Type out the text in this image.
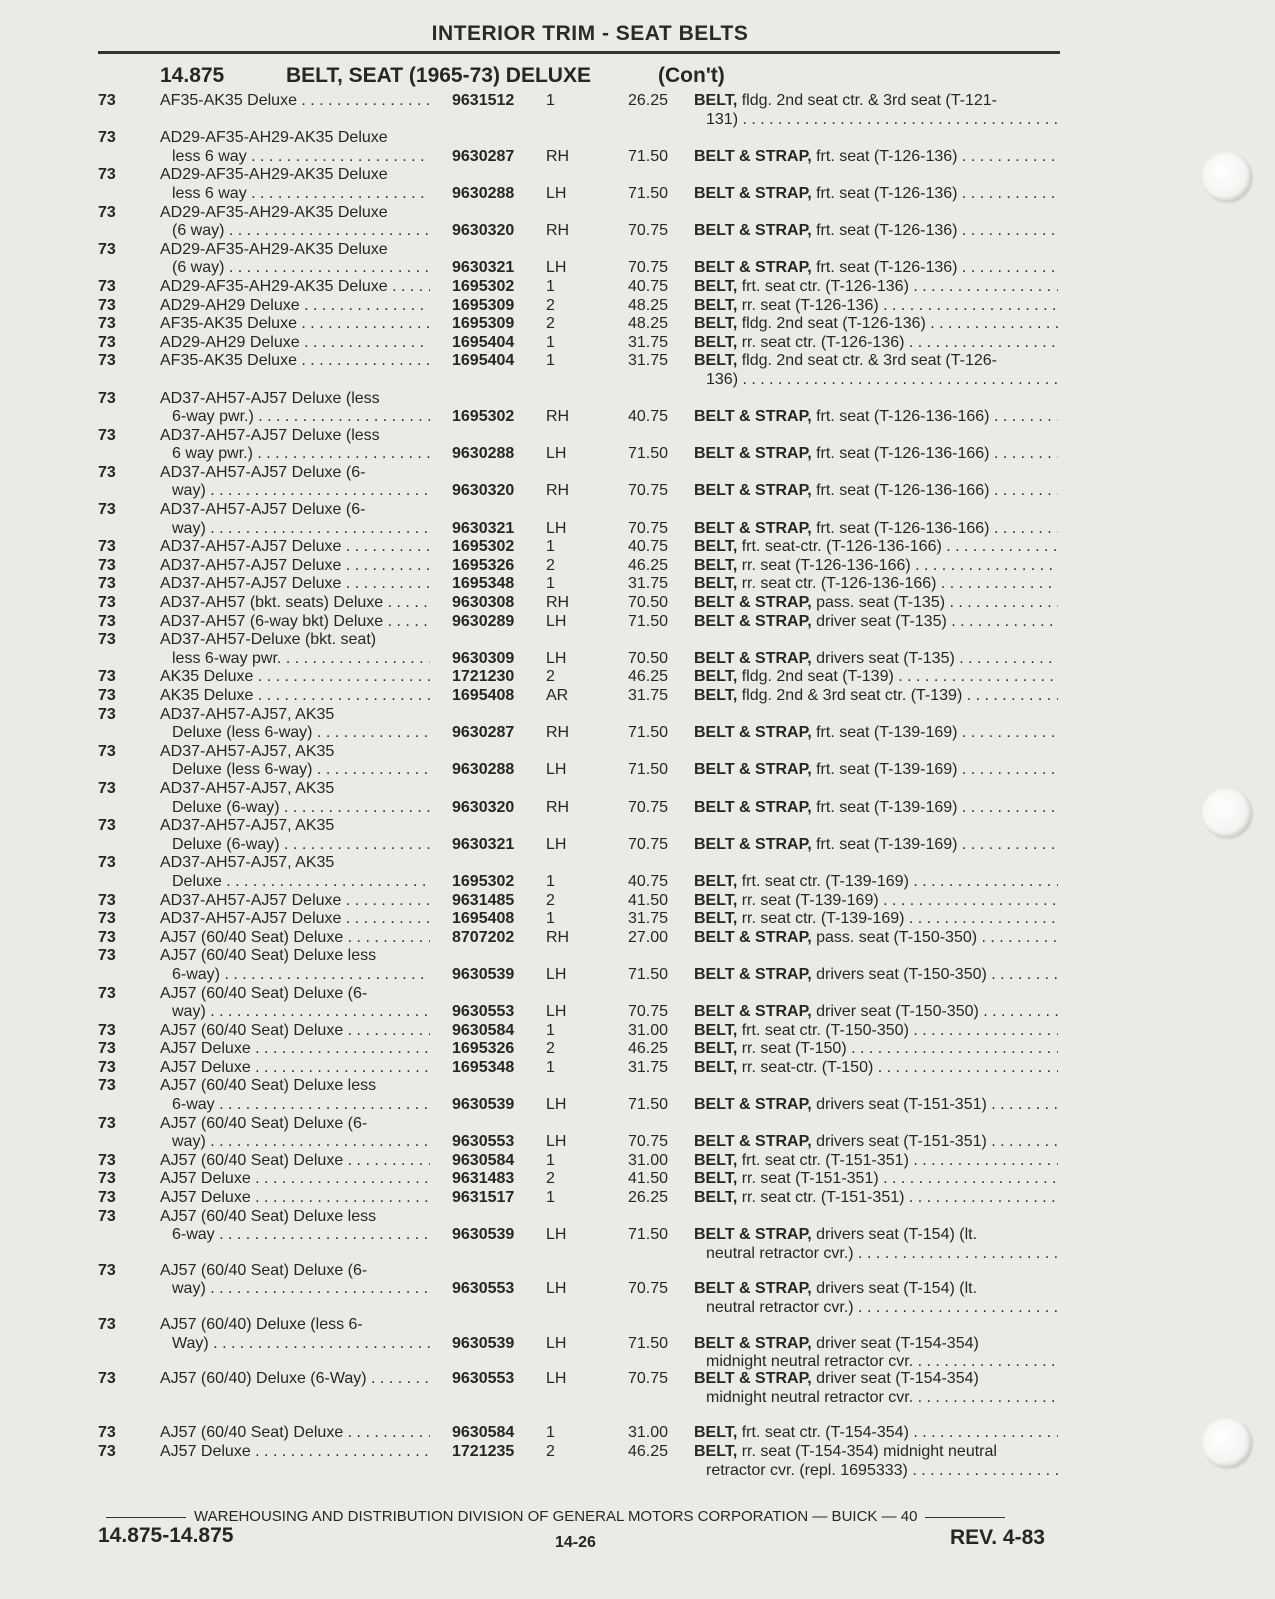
INTERIOR TRIM - SEAT BELTS
14.875	BELT, SEAT (1965-73) DELUXE	(Con't)
73	AF35-AK35 Deluxe . . .	9631512	1	26.25 BELT, fldg. 2nd seat ctr. & 3rd seat (T-121-
131) . . .
73	AD29-AF35-AH29-AK35 Deluxe
less 6 way . . .	9630287	RH	71.50 BELT & STRAP, frt. seat (T-126-136) . . .
73	AD29-AF35-AH29-AK35 Deluxe
less 6 way . . .	9630288	LH	71.50 BELT & STRAP, frt. seat (T-126-136) . . .
73	AD29-AF35-AH29-AK35 Deluxe
(6 way) . . .	9630320	RH	70.75 BELT & STRAP, frt. seat (T-126-136) . . .
73	AD29-AF35-AH29-AK35 Deluxe
(6 way) . . .	9630321	LH	70.75 BELT & STRAP, frt. seat (T-126-136) . . .
73	AD29-AF35-AH29-AK35 Deluxe . . .	1695302	1	40.75 BELT, frt. seat ctr. (T-126-136) . . .
73	AD29-AH29 Deluxe . . .	1695309	2	48.25 BELT, rr. seat (T-126-136) . . .
73	AF35-AK35 Deluxe . . .	1695309	2	48.25 BELT, fldg. 2nd seat (T-126-136) . . .
73	AD29-AH29 Deluxe . . .	1695404	1	31.75 BELT, rr. seat ctr. (T-126-136) . . .
73	AF35-AK35 Deluxe . . .	1695404	1	31.75 BELT, fldg. 2nd seat ctr. & 3rd seat (T-126-
136) . . .
73	AD37-AH57-AJ57 Deluxe (less
6-way pwr.) . . .	1695302	RH	40.75 BELT & STRAP, frt. seat (T-126-136-166) . . .
73	AD37-AH57-AJ57 Deluxe (less
6 way pwr.) . . .	9630288	LH	71.50 BELT & STRAP, frt. seat (T-126-136-166) . . .
73	AD37-AH57-AJ57 Deluxe (6-
way) . . .	9630320	RH	70.75 BELT & STRAP, frt. seat (T-126-136-166) . . .
73	AD37-AH57-AJ57 Deluxe (6-
way) . . .	9630321	LH	70.75 BELT & STRAP, frt. seat (T-126-136-166) . . .
73	AD37-AH57-AJ57 Deluxe . . .	1695302	1	40.75 BELT, frt. seat-ctr. (T-126-136-166) . . .
73	AD37-AH57-AJ57 Deluxe . . .	1695326	2	46.25 BELT, rr. seat (T-126-136-166) . . .
73	AD37-AH57-AJ57 Deluxe . . .	1695348	1	31.75 BELT, rr. seat ctr. (T-126-136-166) . . .
73	AD37-AH57 (bkt. seats) Deluxe . . .	9630308	RH	70.50 BELT & STRAP, pass. seat (T-135) . . .
73	AD37-AH57 (6-way bkt) Deluxe . . .	9630289	LH	71.50 BELT & STRAP, driver seat (T-135) . . .
73	AD37-AH57-Deluxe (bkt. seat)
less 6-way pwr. . . .	9630309	LH	70.50 BELT & STRAP, drivers seat (T-135) . . .
73	AK35 Deluxe . . .	1721230	2	46.25 BELT, fldg. 2nd seat (T-139) . . .
73	AK35 Deluxe . . .	1695408	AR	31.75 BELT, fldg. 2nd & 3rd seat ctr. (T-139) . . .
73	AD37-AH57-AJ57, AK35
Deluxe (less 6-way) . . .	9630287	RH	71.50 BELT & STRAP, frt. seat (T-139-169) . . .
73	AD37-AH57-AJ57, AK35
Deluxe (less 6-way) . . .	9630288	LH	71.50 BELT & STRAP, frt. seat (T-139-169) . . .
73	AD37-AH57-AJ57, AK35
Deluxe (6-way) . . .	9630320	RH	70.75 BELT & STRAP, frt. seat (T-139-169) . . .
73	AD37-AH57-AJ57, AK35
Deluxe (6-way) . . .	9630321	LH	70.75 BELT & STRAP, frt. seat (T-139-169) . . .
73	AD37-AH57-AJ57, AK35
Deluxe . . .	1695302	1	40.75 BELT, frt. seat ctr. (T-139-169) . . .
73	AD37-AH57-AJ57 Deluxe . . .	9631485	2	41.50 BELT, rr. seat (T-139-169) . . .
73	AD37-AH57-AJ57 Deluxe . . .	1695408	1	31.75 BELT, rr. seat ctr. (T-139-169) . . .
73	AJ57 (60/40 Seat) Deluxe . . .	8707202	RH	27.00 BELT & STRAP, pass. seat (T-150-350) . . .
73	AJ57 (60/40 Seat) Deluxe less
6-way) . . .	9630539	LH	71.50 BELT & STRAP, drivers seat (T-150-350) . . .
73	AJ57 (60/40 Seat) Deluxe (6-
way) . . .	9630553	LH	70.75 BELT & STRAP, driver seat (T-150-350) . . .
73	AJ57 (60/40 Seat) Deluxe . . .	9630584	1	31.00 BELT, frt. seat ctr. (T-150-350) . . .
73	AJ57 Deluxe . . .	1695326	2	46.25 BELT, rr. seat (T-150) . . .
73	AJ57 Deluxe . . .	1695348	1	31.75 BELT, rr. seat-ctr. (T-150) . . .
73	AJ57 (60/40 Seat) Deluxe less
6-way . . .	9630539	LH	71.50 BELT & STRAP, drivers seat (T-151-351) . . .
73	AJ57 (60/40 Seat) Deluxe (6-
way) . . .	9630553	LH	70.75 BELT & STRAP, drivers seat (T-151-351) . . .
73	AJ57 (60/40 Seat) Deluxe . . .	9630584	1	31.00 BELT, frt. seat ctr. (T-151-351) . . .
73	AJ57 Deluxe . . .	9631483	2	41.50 BELT, rr. seat (T-151-351) . . .
73	AJ57 Deluxe . . .	9631517	1	26.25 BELT, rr. seat ctr. (T-151-351) . . .
73	AJ57 (60/40 Seat) Deluxe less
6-way . . .	9630539	LH	71.50 BELT & STRAP, drivers seat (T-154) (lt.
neutral retractor cvr.) . . .
73	AJ57 (60/40 Seat) Deluxe (6-
way) . . .	9630553	LH	70.75 BELT & STRAP, drivers seat (T-154) (lt.
neutral retractor cvr.) . . .
73	AJ57 (60/40) Deluxe (less 6-
Way) . . .	9630539	LH	71.50 BELT & STRAP, driver seat (T-154-354)
midnight neutral retractor cvr. . . .
73	AJ57 (60/40) Deluxe (6-Way) . . .	9630553	LH	70.75 BELT & STRAP, driver seat (T-154-354)
midnight neutral retractor cvr. . . .
73	AJ57 (60/40 Seat) Deluxe . . .	9630584	1	31.00 BELT, frt. seat ctr. (T-154-354) . . .
73	AJ57 Deluxe . . .	1721235	2	46.25 BELT, rr. seat (T-154-354) midnight neutral
retractor cvr. (repl. 1695333) . . .
WAREHOUSING AND DISTRIBUTION DIVISION OF GENERAL MOTORS CORPORATION — BUICK — 40
14.875-14.875	14-26	REV. 4-83
